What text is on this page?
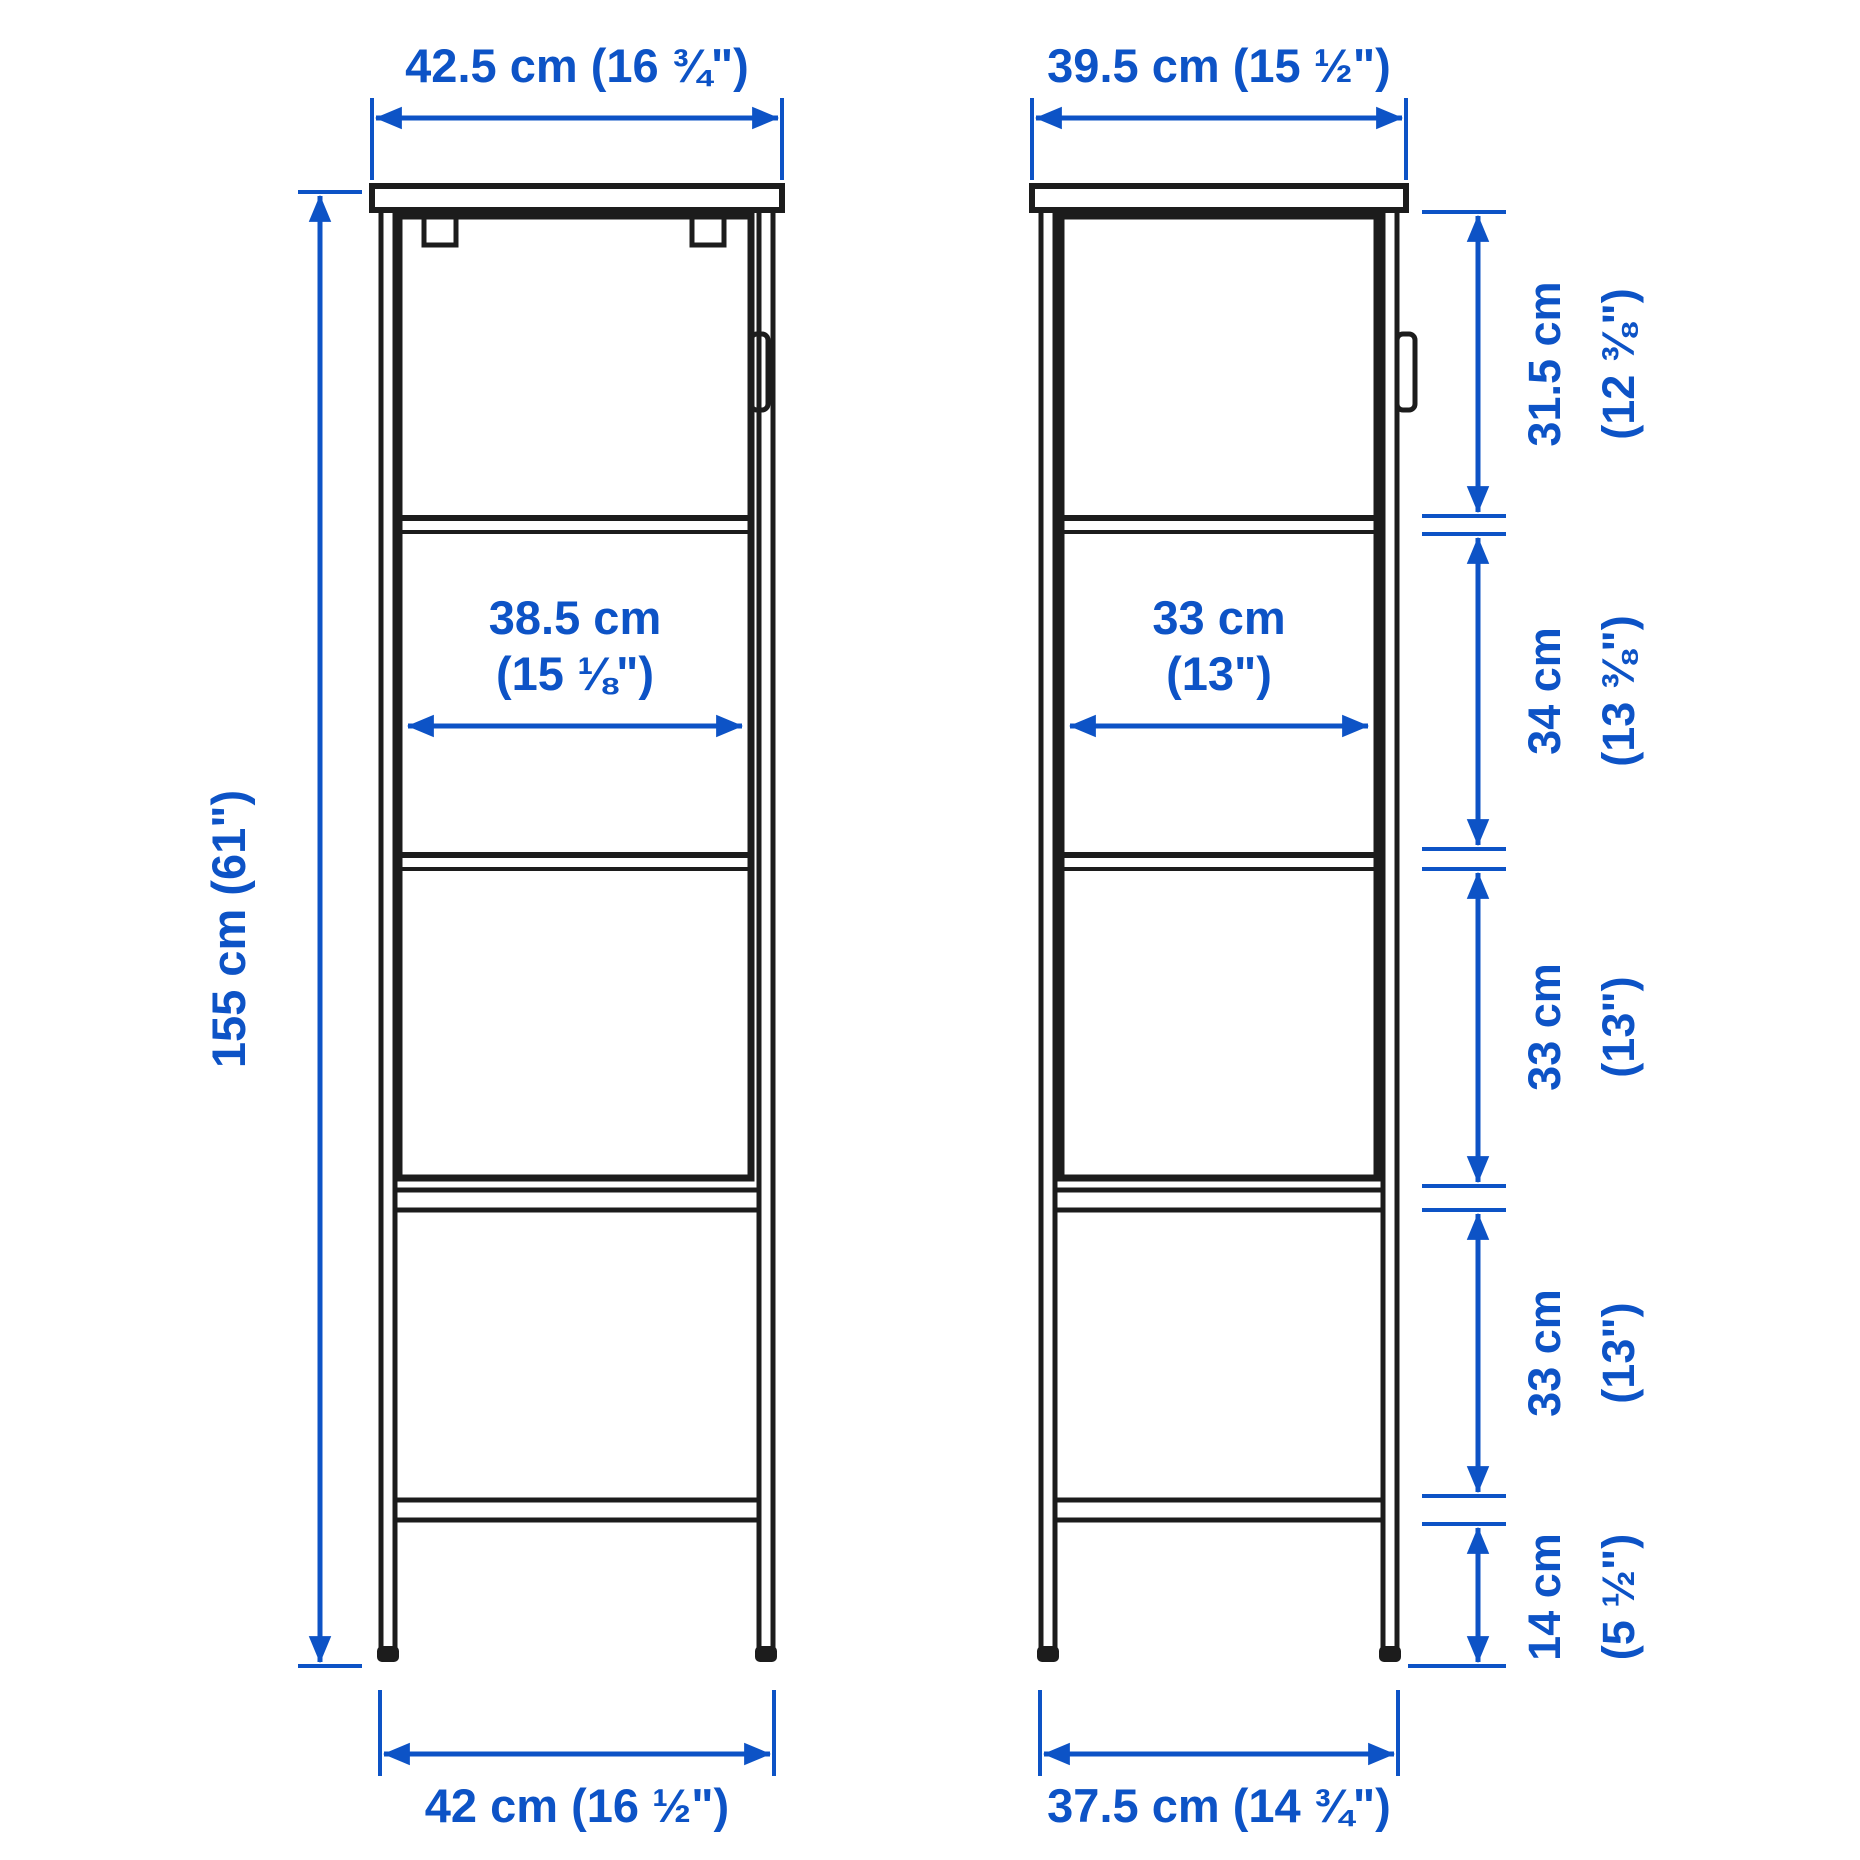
42.5 cm (16 ¾")	39.5 cm (15 ½")
155 cm (61")
38.5 cm
(15 ⅛")
33 cm
(13")
31.5 cm (12 ⅜")
34 cm (13 ⅜")
33 cm (13")
33 cm (13")
14 cm (5 ½")
42 cm (16 ½")	37.5 cm (14 ¾")
